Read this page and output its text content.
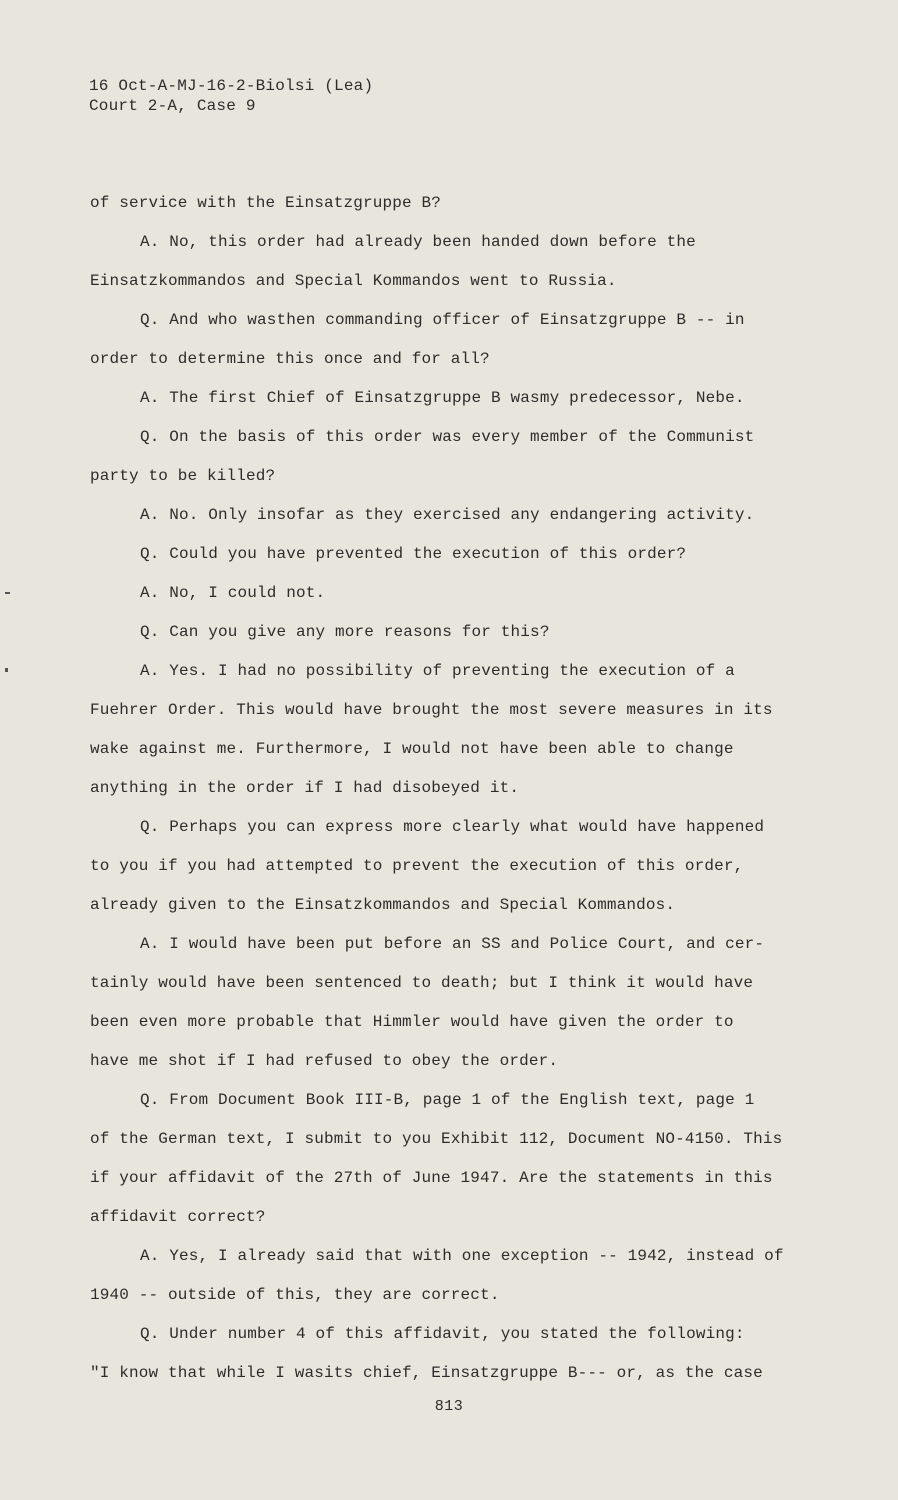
16 Oct-A-MJ-16-2-Biolsi (Lea)
Court 2-A, Case 9
of service with the Einsatzgruppe B?
A. No, this order had already been handed down before the
Einsatzkommandos and Special Kommandos went to Russia.
Q. And who wasthen commanding officer of Einsatzgruppe B -- in
order to determine this once and for all?
A. The first Chief of Einsatzgruppe B wasmy predecessor, Nebe.
Q. On the basis of this order was every member of the Communist
party to be killed?
A. No. Only insofar as they exercised any endangering activity.
Q. Could you have prevented the execution of this order?
A. No, I could not.
Q. Can you give any more reasons for this?
A. Yes. I had no possibility of preventing the execution of a
Fuehrer Order. This would have brought the most severe measures in its
wake against me. Furthermore, I would not have been able to change
anything in the order if I had disobeyed it.
Q. Perhaps you can express more clearly what would have happened
to you if you had attempted to prevent the execution of this order,
already given to the Einsatzkommandos and Special Kommandos.
A. I would have been put before an SS and Police Court, and cer-
tainly would have been sentenced to death; but I think it would have
been even more probable that Himmler would have given the order to
have me shot if I had refused to obey the order.
Q. From Document Book III-B, page 1 of the English text, page 1
of the German text, I submit to you Exhibit 112, Document NO-4150. This
if your affidavit of the 27th of June 1947. Are the statements in this
affidavit correct?
A. Yes, I already said that with one exception -- 1942, instead of
1940 -- outside of this, they are correct.
Q. Under number 4 of this affidavit, you stated the following:
"I know that while I wasits chief, Einsatzgruppe B--- or, as the case
813
